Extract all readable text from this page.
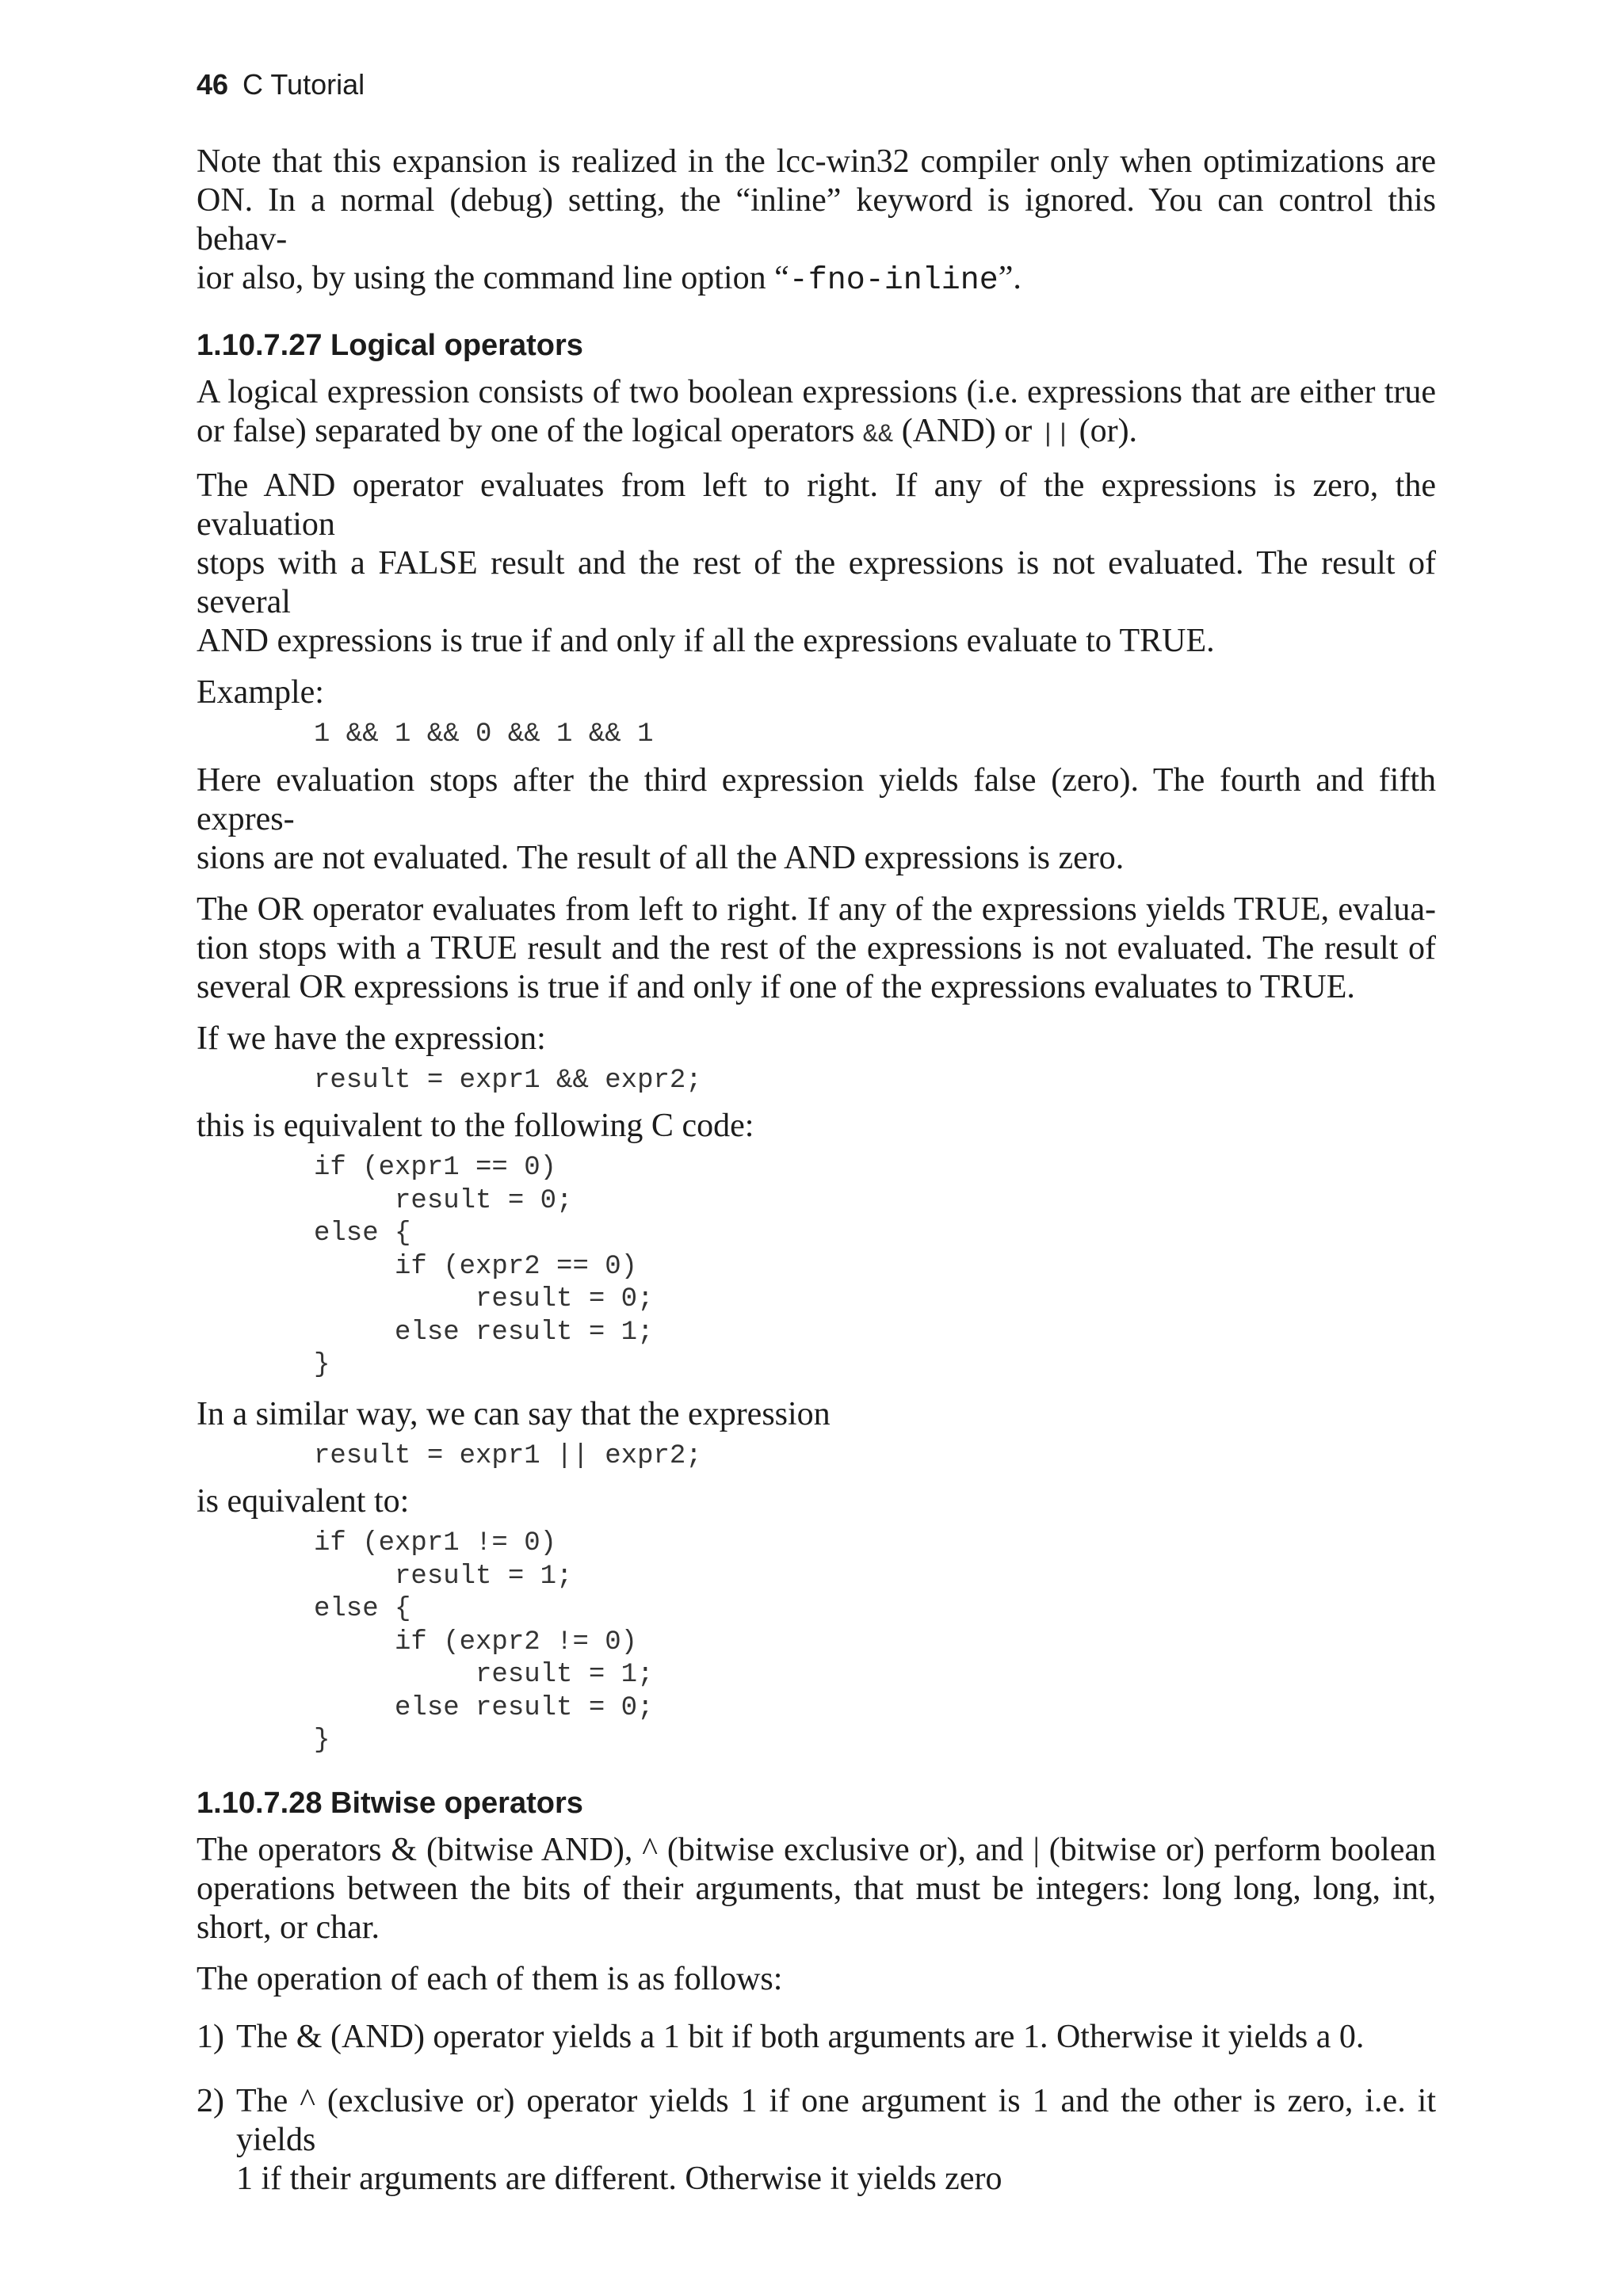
46 C Tutorial
Note that this expansion is realized in the lcc-win32 compiler only when optimizations are
ON. In a normal (debug) setting, the “inline” keyword is ignored. You can control this behav-
ior also, by using the command line option “-fno-inline”.
1.10.7.27 Logical operators
A logical expression consists of two boolean expressions (i.e. expressions that are either true
or false) separated by one of the logical operators && (AND) or || (or).
The AND operator evaluates from left to right. If any of the expressions is zero, the evaluation
stops with a FALSE result and the rest of the expressions is not evaluated. The result of several
AND expressions is true if and only if all the expressions evaluate to TRUE.
Example:
1 && 1 && 0 && 1 && 1
Here evaluation stops after the third expression yields false (zero). The fourth and fifth expres-
sions are not evaluated. The result of all the AND expressions is zero.
The OR operator evaluates from left to right. If any of the expressions yields TRUE, evalua-
tion stops with a TRUE result and the rest of the expressions is not evaluated. The result of
several OR expressions is true if and only if one of the expressions evaluates to TRUE.
If we have the expression:
result = expr1 && expr2;
this is equivalent to the following C code:
if (expr1 == 0)
result = 0;
else {
if (expr2 == 0)
result = 0;
else result = 1;
}
In a similar way, we can say that the expression
result = expr1 || expr2;
is equivalent to:
if (expr1 != 0)
result = 1;
else {
if (expr2 != 0)
result = 1;
else result = 0;
}
1.10.7.28 Bitwise operators
The operators & (bitwise AND), ^ (bitwise exclusive or), and | (bitwise or) perform boolean
operations between the bits of their arguments, that must be integers: long long, long, int,
short, or char.
The operation of each of them is as follows:
1) The & (AND) operator yields a 1 bit if both arguments are 1. Otherwise it yields a 0.
2) The ^ (exclusive or) operator yields 1 if one argument is 1 and the other is zero, i.e. it yields
1 if their arguments are different. Otherwise it yields zero
